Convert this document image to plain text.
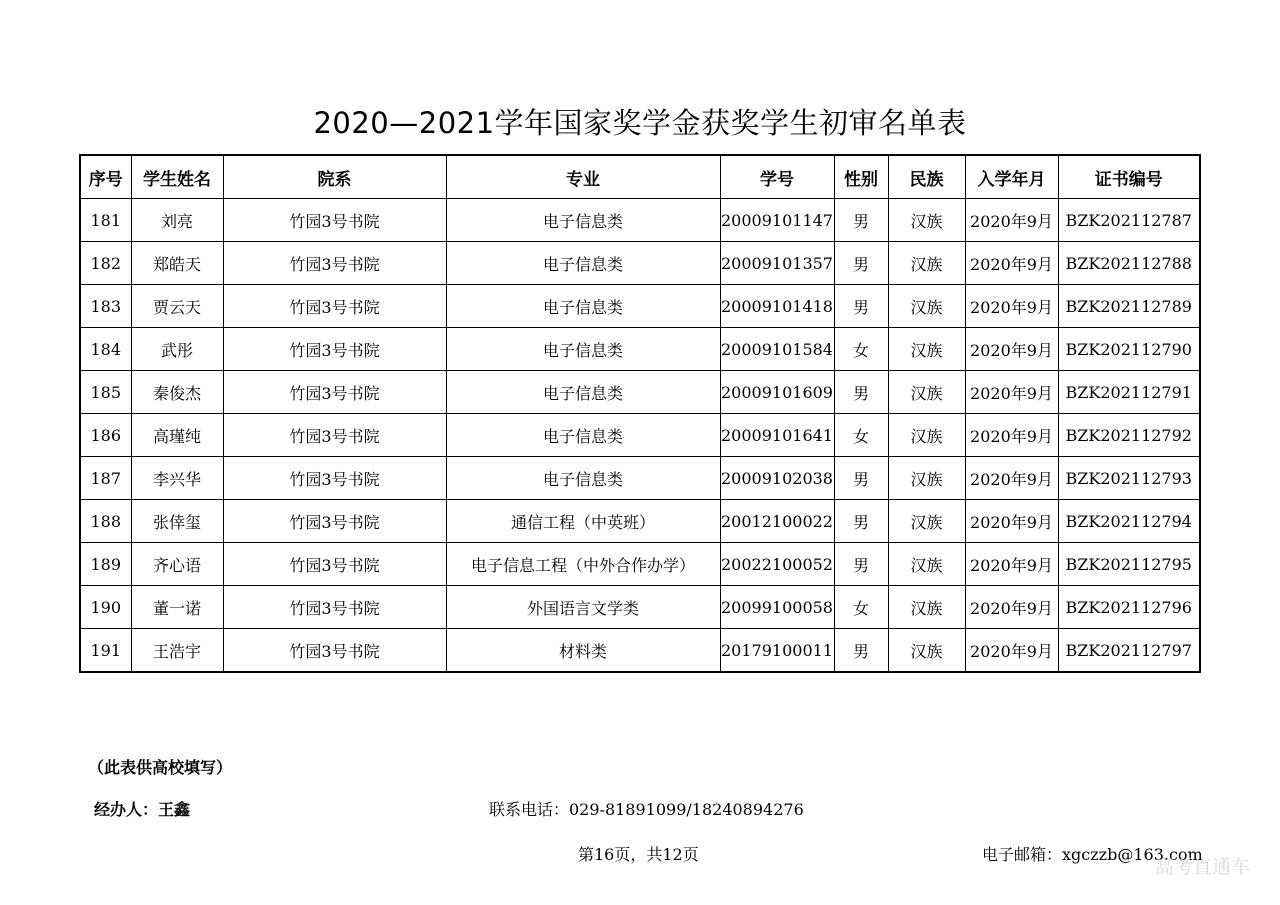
2020—2021学年国家奖学金获奖学生初审名单表
序号	学生姓名	院系	专业	学号	性别	民族	入学年月	证书编号
181	刘亮	竹园3号书院	电子信息类	20009101147	男	汉族	2020年9月	BZK202112787
182	郑皓天	竹园3号书院	电子信息类	20009101357	男	汉族	2020年9月	BZK202112788
183	贾云天	竹园3号书院	电子信息类	20009101418	男	汉族	2020年9月	BZK202112789
184	武彤	竹园3号书院	电子信息类	20009101584	女	汉族	2020年9月	BZK202112790
185	秦俊杰	竹园3号书院	电子信息类	20009101609	男	汉族	2020年9月	BZK202112791
186	高瑾纯	竹园3号书院	电子信息类	20009101641	女	汉族	2020年9月	BZK202112792
187	李兴华	竹园3号书院	电子信息类	20009102038	男	汉族	2020年9月	BZK202112793
188	张倖玺	竹园3号书院	通信工程（中英班）	20012100022	男	汉族	2020年9月	BZK202112794
189	齐心语	竹园3号书院	电子信息工程（中外合作办学）	20022100052	男	汉族	2020年9月	BZK202112795
190	董一诺	竹园3号书院	外国语言文学类	20099100058	女	汉族	2020年9月	BZK202112796
191	王浩宇	竹园3号书院	材料类	20179100011	男	汉族	2020年9月	BZK202112797
（此表供高校填写）
经办人：王鑫	联系电话：029-81891099/18240894276
第16页，共12页	电子邮箱：xgczzb@163.com
高考直通车
